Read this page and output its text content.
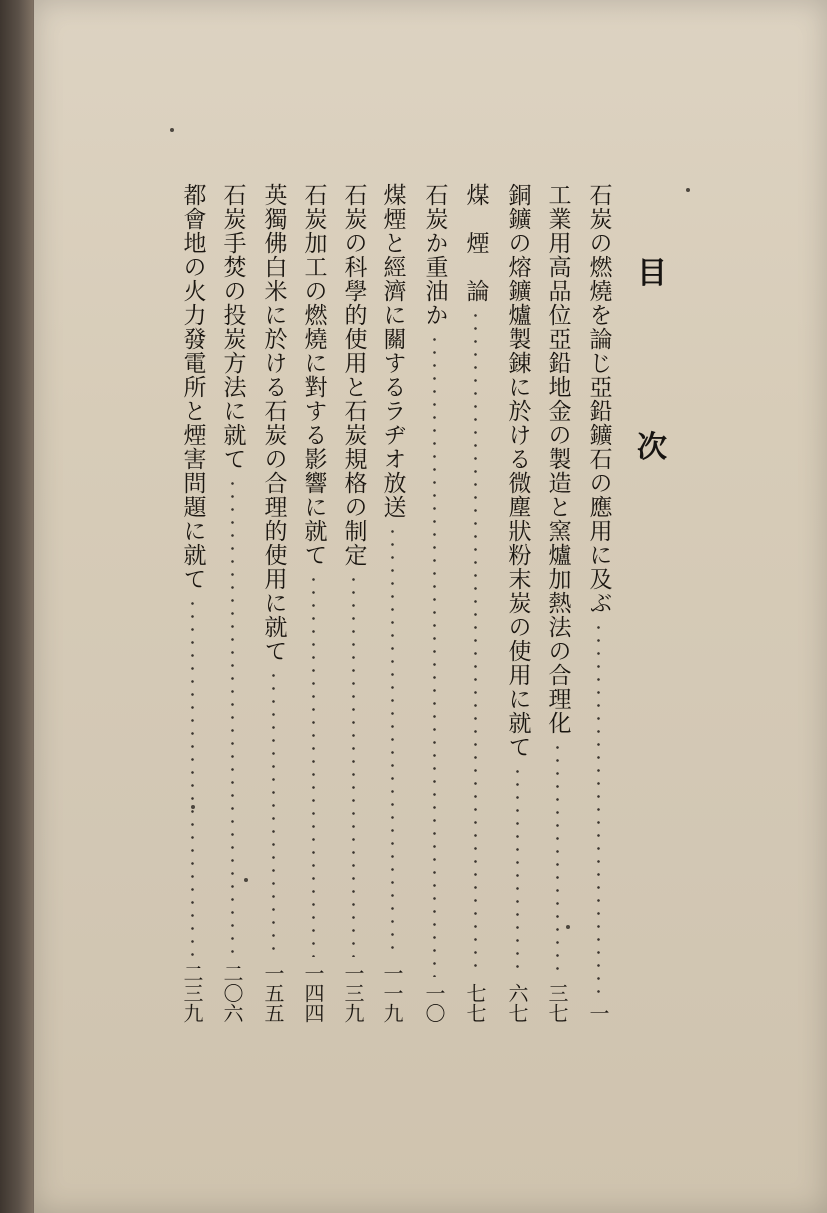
目
次
石炭の燃燒を論じ亞鉛鑛石の應用に及ぶ
一
工業用高品位亞鉛地金の製造と窯爐加熱法の合理化
三七
銅鑛の熔鑛爐製錬に於ける微塵狀粉末炭の使用に就て
六七
煤　煙　論
七七
石炭か重油か
一〇
煤煙と經濟に關するラヂオ放送
一一九
石炭の科學的使用と石炭規格の制定
一三九
石炭加工の燃燒に對する影響に就て
一四四
英獨佛白米に於ける石炭の合理的使用に就て
一五五
石炭手焚の投炭方法に就て
二〇六
都會地の火力發電所と煙害問題に就て
二三九
